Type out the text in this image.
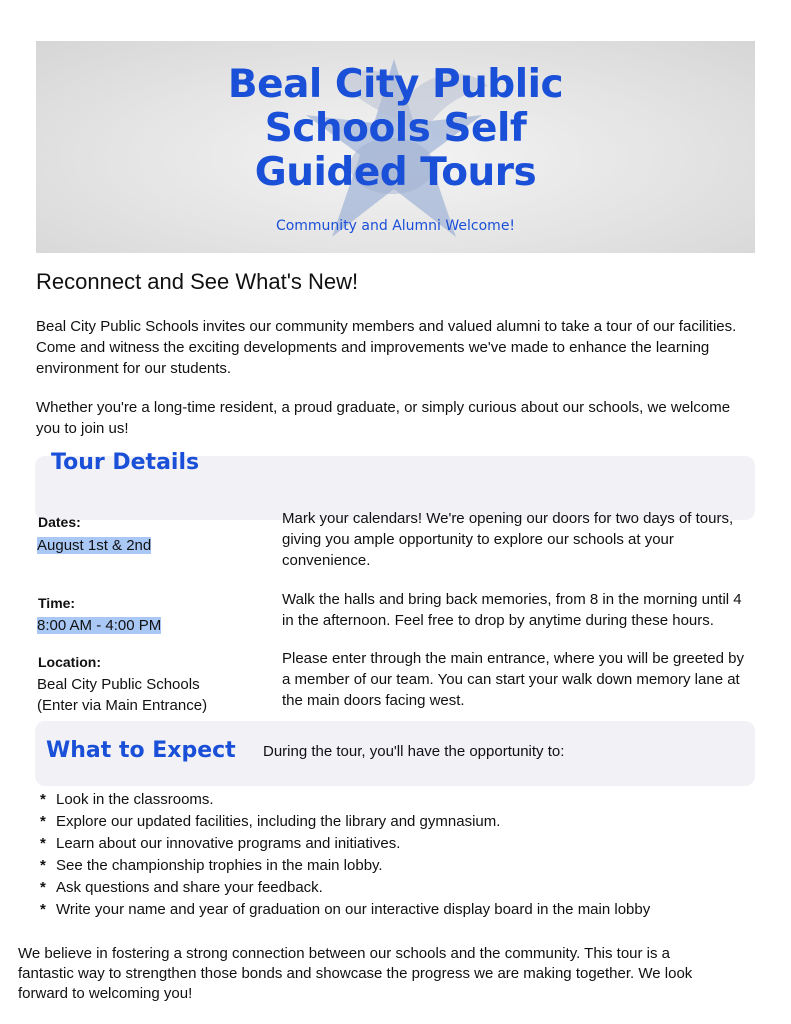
Beal City Public
Schools Self
Guided Tours
Community and Alumni Welcome!
Reconnect and See What's New!
Beal City Public Schools invites our community members and valued alumni to take a tour of our facilities. Come and witness the exciting developments and improvements we've made to enhance the learning environment for our students.
Whether you're a long-time resident, a proud graduate, or simply curious about our schools, we welcome you to join us!
Tour Details
Dates:
August 1st & 2nd
Mark your calendars! We're opening our doors for two days of tours, giving you ample opportunity to explore our schools at your convenience.
Time:
8:00 AM - 4:00 PM
Walk the halls and bring back memories, from 8 in the morning until 4 in the afternoon. Feel free to drop by anytime during these hours.
Location:
Beal City Public Schools
(Enter via Main Entrance)
Please enter through the main entrance, where you will be greeted by a member of our team. You can start your walk down memory lane at the main doors facing west.
What to Expect During the tour, you'll have the opportunity to:
* Look in the classrooms.
* Explore our updated facilities, including the library and gymnasium.
* Learn about our innovative programs and initiatives.
* See the championship trophies in the main lobby.
* Ask questions and share your feedback.
* Write your name and year of graduation on our interactive display board in the main lobby
We believe in fostering a strong connection between our schools and the community. This tour is a fantastic way to strengthen those bonds and showcase the progress we are making together. We look forward to welcoming you!
